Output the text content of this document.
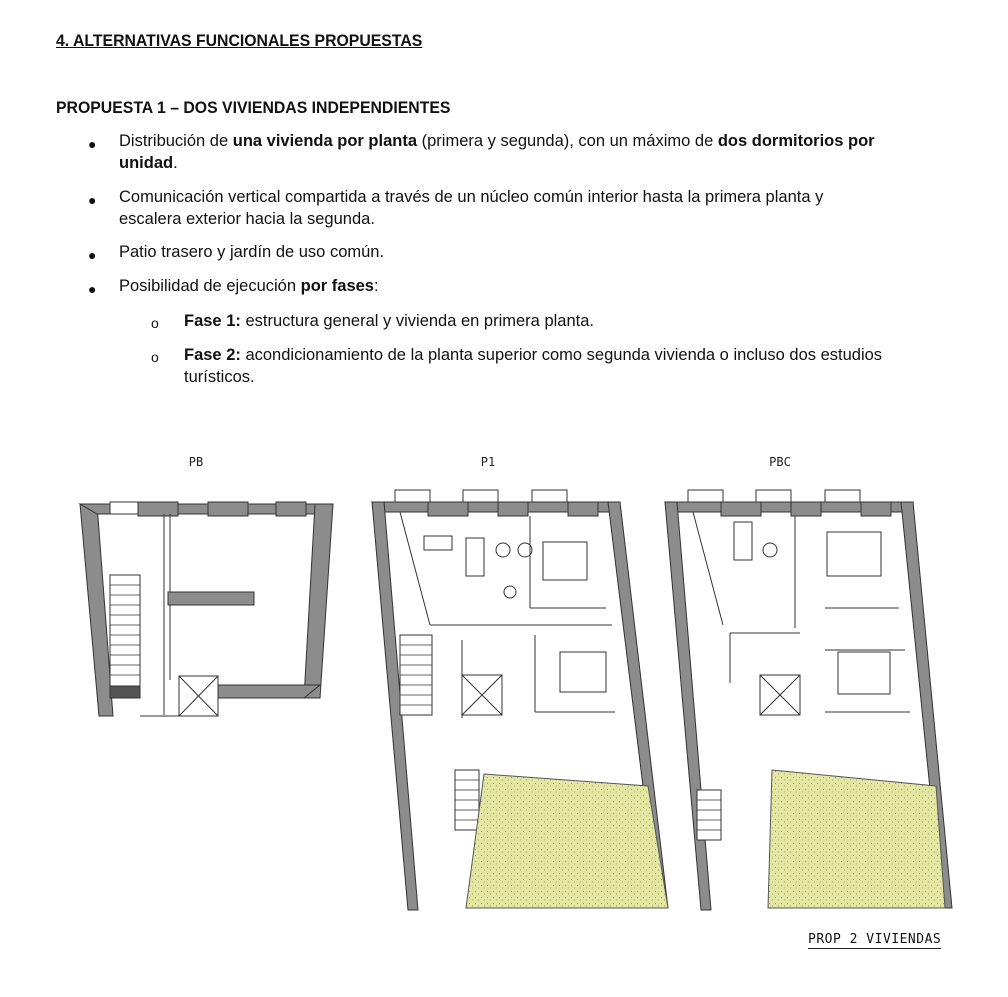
4. ALTERNATIVAS FUNCIONALES PROPUESTAS
PROPUESTA 1 – DOS VIVIENDAS INDEPENDIENTES
● Distribución de una vivienda por planta (primera y segunda), con un máximo de dos dormitorios por unidad.
● Comunicación vertical compartida a través de un núcleo común interior hasta la primera planta y escalera exterior hacia la segunda.
● Patio trasero y jardín de uso común.
● Posibilidad de ejecución por fases:
o Fase 1: estructura general y vivienda en primera planta.
o Fase 2: acondicionamiento de la planta superior como segunda vivienda o incluso dos estudios turísticos.
PB	P1	PBC
PROP 2 VIVIENDAS
